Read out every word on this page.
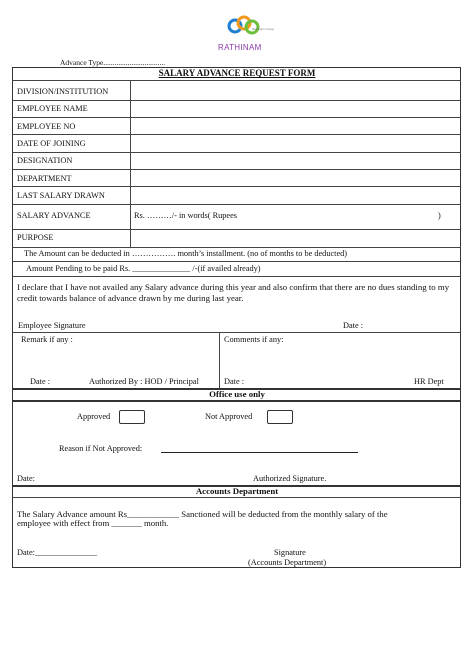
Rathinam Group
RATHINAM
Advance Type.................................
SALARY ADVANCE REQUEST FORM
DIVISION/INSTITUTION
EMPLOYEE NAME
EMPLOYEE NO
DATE OF JOINING
DESIGNATION
DEPARTMENT
LAST SALARY DRAWN
SALARY ADVANCE	Rs. ………/- in words( Rupees	)
PURPOSE
The Amount can be deducted in ……………. month’s installment. (no of months to be deducted)
Amount Pending to be paid Rs. ______________ /-(if availed already)
I declare that I have not availed any Salary advance during this year and also confirm that there are no dues standing to my credit towards balance of advance drawn by me during last year.
Employee Signature	Date :
Remark if any :	Comments if any:
Date :	Authorized By : HOD / Principal	Date :	HR Dept
Office use only
Approved	Not Approved
Reason if Not Approved:
Date:	Authorized Signature.
Accounts Department
The Salary Advance amount Rs____________ Sanctioned will be deducted from the monthly salary of the
employee with effect from _______ month.
Date:_______________	Signature
(Accounts Department)
